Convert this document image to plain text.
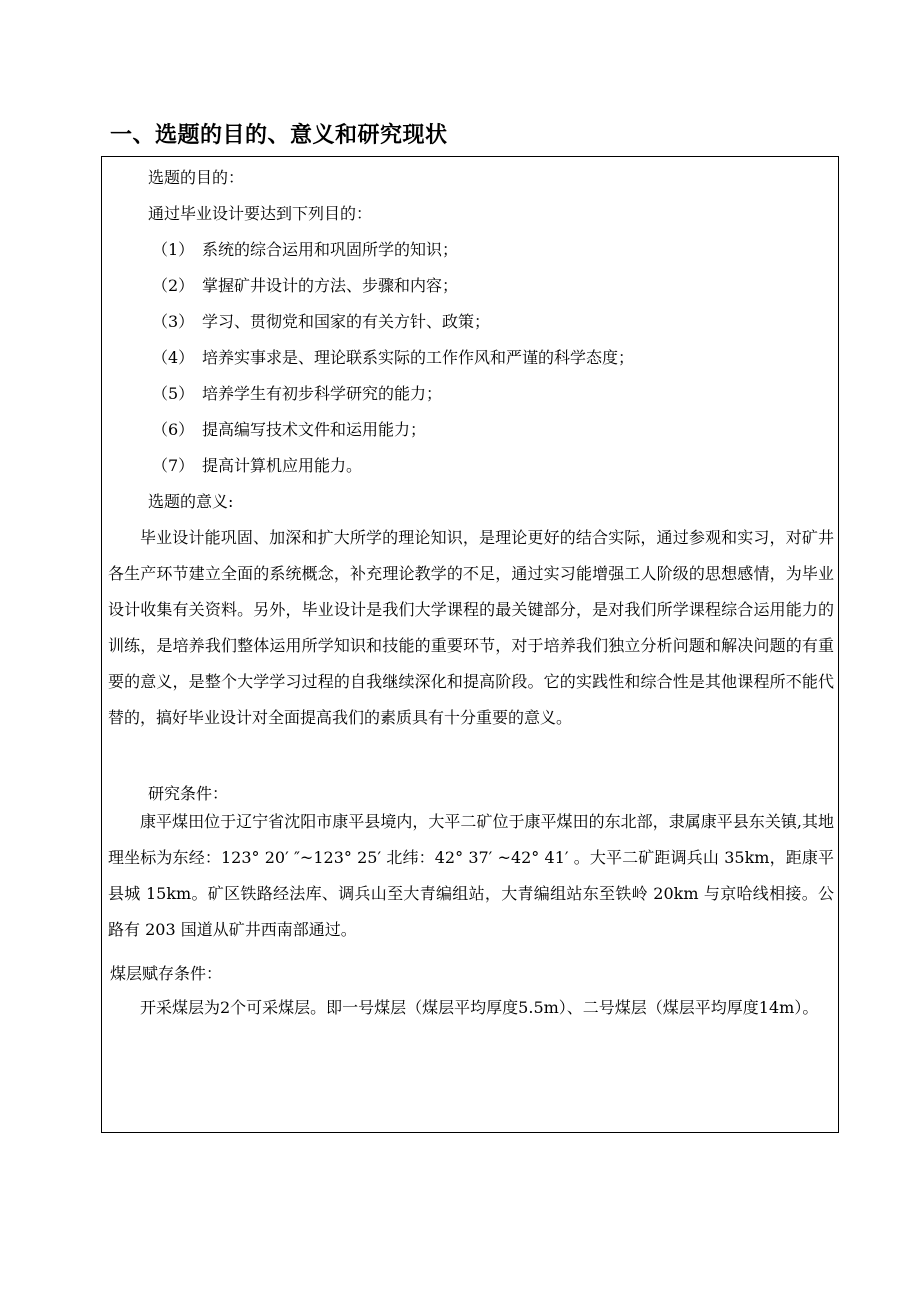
一、选题的目的、意义和研究现状
选题的目的：
通过毕业设计要达到下列目的：
（1） 系统的综合运用和巩固所学的知识；
（2） 掌握矿井设计的方法、步骤和内容；
（3） 学习、贯彻党和国家的有关方针、政策；
（4） 培养实事求是、理论联系实际的工作作风和严谨的科学态度；
（5） 培养学生有初步科学研究的能力；
（6） 提高编写技术文件和运用能力；
（7） 提高计算机应用能力。
选题的意义:
毕业设计能巩固、加深和扩大所学的理论知识，是理论更好的结合实际，通过参观和实习，对矿井各生产环节建立全面的系统概念，补充理论教学的不足，通过实习能增强工人阶级的思想感情，为毕业设计收集有关资料。另外，毕业设计是我们大学课程的最关键部分，是对我们所学课程综合运用能力的训练，是培养我们整体运用所学知识和技能的重要环节，对于培养我们独立分析问题和解决问题的有重要的意义，是整个大学学习过程的自我继续深化和提高阶段。它的实践性和综合性是其他课程所不能代替的，搞好毕业设计对全面提高我们的素质具有十分重要的意义。
研究条件：
康平煤田位于辽宁省沈阳市康平县境内，大平二矿位于康平煤田的东北部，隶属康平县东关镇,其地理坐标为东经：123° 20′ ″~123° 25′ 北纬：42° 37′ ~42° 41′ 。大平二矿距调兵山 35km，距康平县城 15km。矿区铁路经法库、调兵山至大青编组站，大青编组站东至铁岭 20km 与京哈线相接。公路有 203 国道从矿井西南部通过。
煤层赋存条件：
开采煤层为2个可采煤层。即一号煤层（煤层平均厚度5.5m）、二号煤层（煤层平均厚度14m）。
